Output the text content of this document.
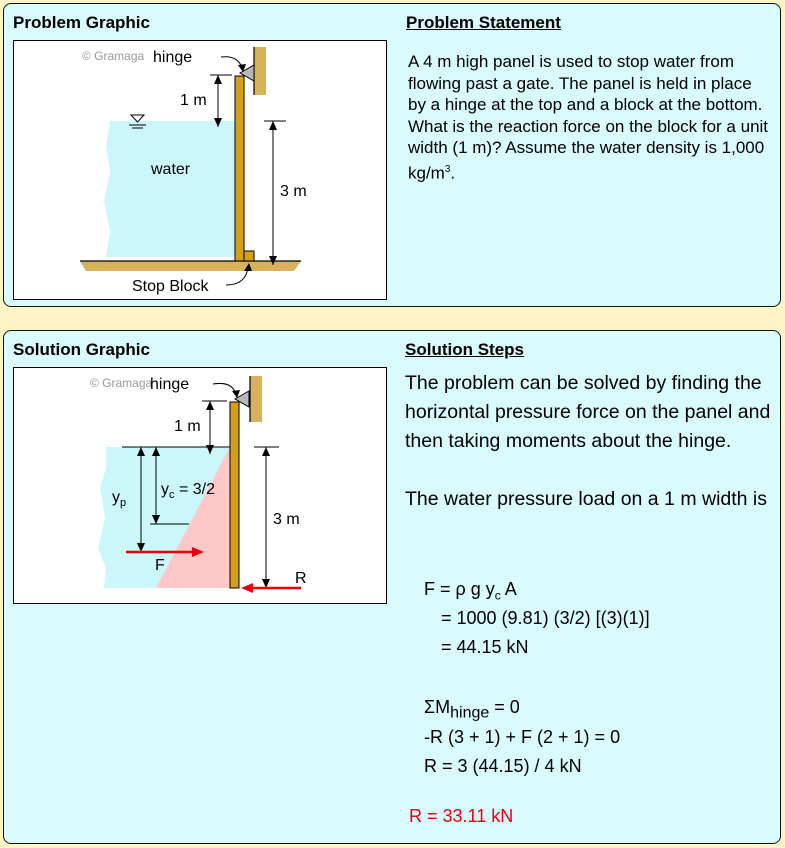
Problem Graphic	Problem Statement
© Gramaga hinge
1 m
water
3 m
Stop Block
A 4 m high panel is used to stop water from flowing past a gate. The panel is held in place by a hinge at the top and a block at the bottom. What is the reaction force on the block for a unit width (1 m)? Assume the water density is 1,000 $kg/m^3$.
Solution Graphic	Solution Steps
© Gramaga
hinge
1 m
$y_p$
$y_c = 3/2$
3 m
F
R
The problem can be solved by finding the horizontal pressure force on the panel and then taking moments about the hinge.
The water pressure load on a 1 m width is
F = ρ g $y_c$ A
= 1000 (9.81) (3/2) [(3)(1)]
= 44.15 kN
$\Sigma M_{hinge} = 0$
-R (3 + 1) + F (2 + 1) = 0
R = 3 (44.15) / 4 kN
R = 33.11 kN
